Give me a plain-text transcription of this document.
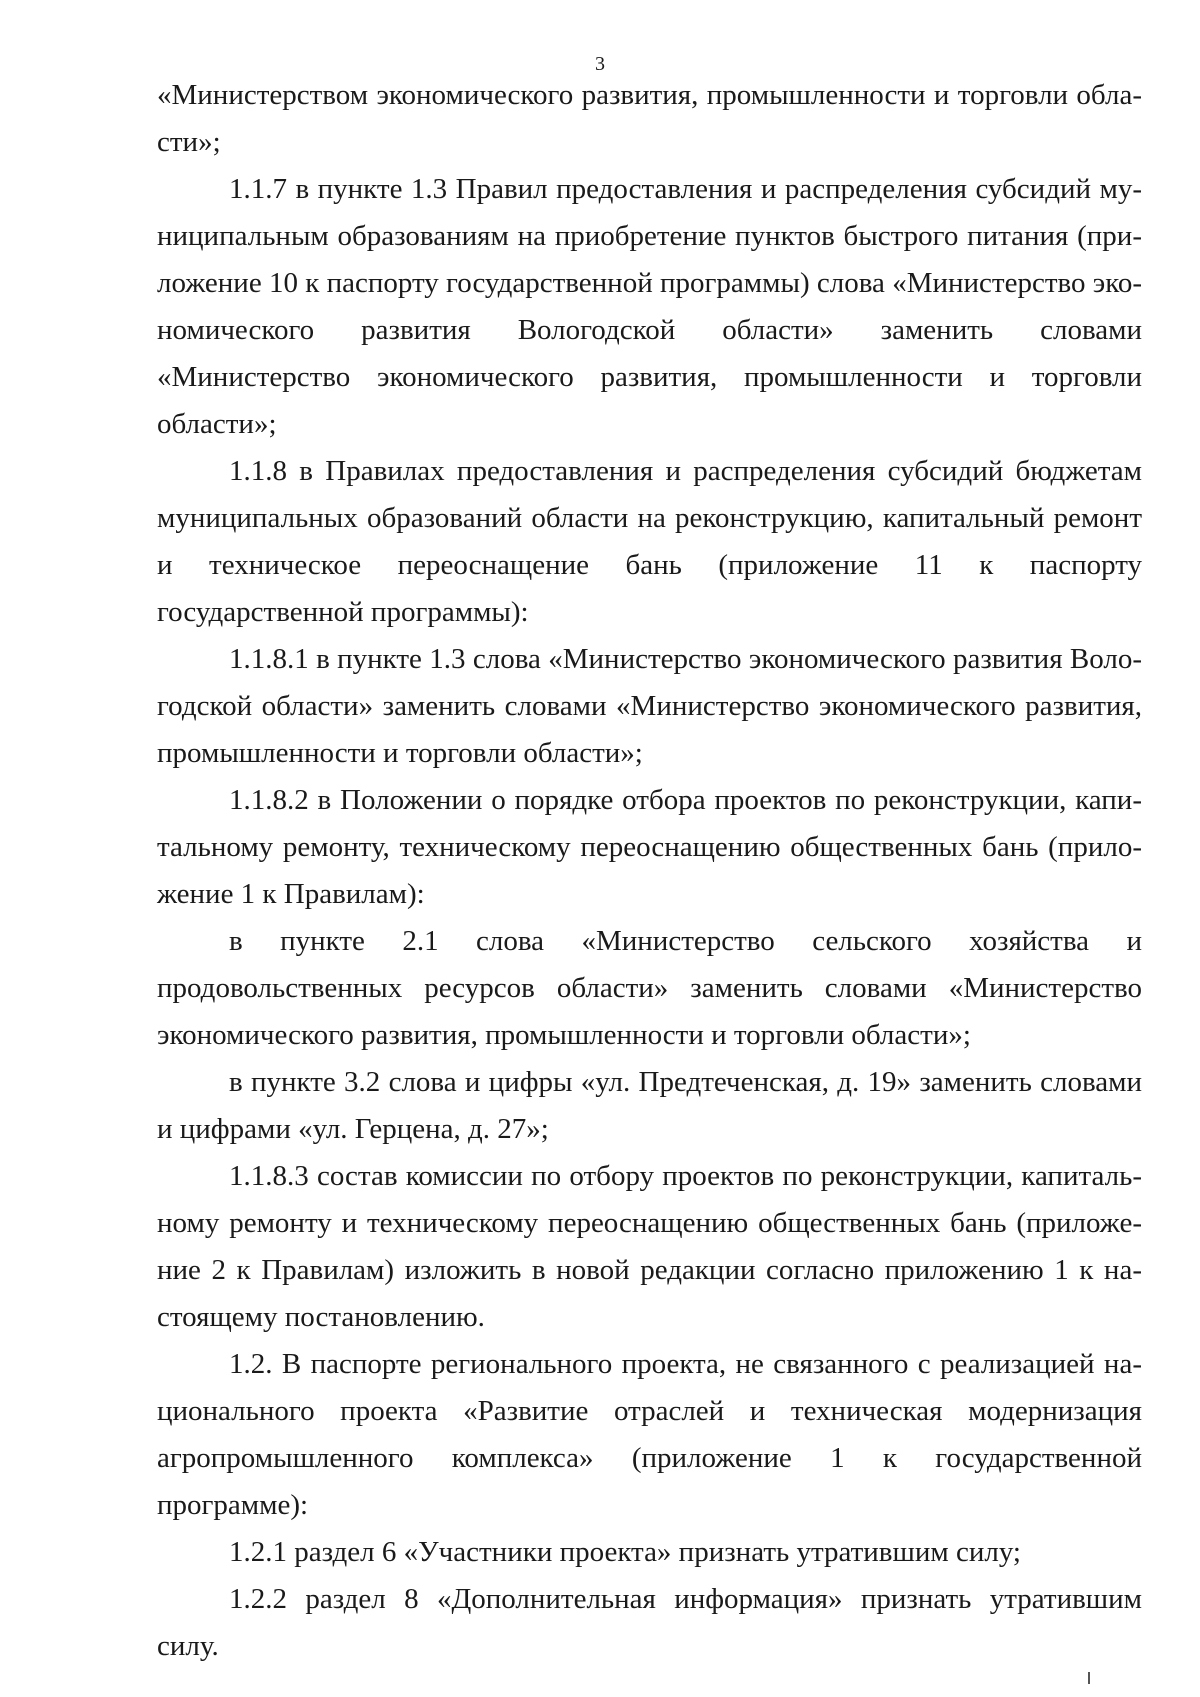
3

«Министерством экономического развития, промышленности и торговли области»;

1.1.7 в пункте 1.3 Правил предоставления и распределения субсидий муниципальным образованиям на приобретение пунктов быстрого питания (приложение 10 к паспорту государственной программы) слова «Министерство экономического развития Вологодской области» заменить словами «Министерство экономического развития, промышленности и торговли области»;

1.1.8 в Правилах предоставления и распределения субсидий бюджетам муниципальных образований области на реконструкцию, капитальный ремонт и техническое переоснащение бань (приложение 11 к паспорту государственной программы):

1.1.8.1 в пункте 1.3 слова «Министерство экономического развития Вологодской области» заменить словами «Министерство экономического развития, промышленности и торговли области»;

1.1.8.2 в Положении о порядке отбора проектов по реконструкции, капитальному ремонту, техническому переоснащению общественных бань (приложение 1 к Правилам):

в пункте 2.1 слова «Министерство сельского хозяйства и продовольственных ресурсов области» заменить словами «Министерство экономического развития, промышленности и торговли области»;

в пункте 3.2 слова и цифры «ул. Предтеченская, д. 19» заменить словами и цифрами «ул. Герцена, д. 27»;

1.1.8.3 состав комиссии по отбору проектов по реконструкции, капитальному ремонту и техническому переоснащению общественных бань (приложение 2 к Правилам) изложить в новой редакции согласно приложению 1 к настоящему постановлению.

1.2. В паспорте регионального проекта, не связанного с реализацией национального проекта «Развитие отраслей и техническая модернизация агропромышленного комплекса» (приложение 1 к государственной программе):

1.2.1 раздел 6 «Участники проекта» признать утратившим силу;

1.2.2 раздел 8 «Дополнительная информация» признать утратившим силу.
